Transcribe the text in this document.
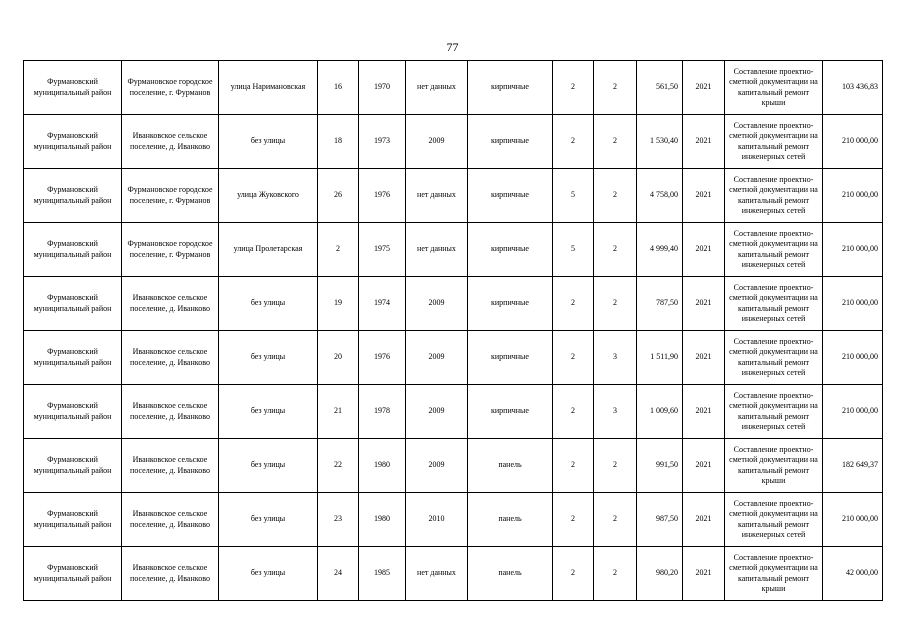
77
Фурмановский муниципальный район	Фурмановское городское поселение, г. Фурманов	улица Наримановская	16	1970	нет данных	кирпичные	2	2	561,50	2021	Составление проектно-сметной документации на капитальный ремонт крыши	103 436,83
Фурмановский муниципальный район	Иванковское сельское поселение, д. Иванково	без улицы	18	1973	2009	кирпичные	2	2	1 530,40	2021	Составление проектно-сметной документации на капитальный ремонт инженерных сетей	210 000,00
Фурмановский муниципальный район	Фурмановское городское поселение, г. Фурманов	улица Жуковского	26	1976	нет данных	кирпичные	5	2	4 758,00	2021	Составление проектно-сметной документации на капитальный ремонт инженерных сетей	210 000,00
Фурмановский муниципальный район	Фурмановское городское поселение, г. Фурманов	улица Пролетарская	2	1975	нет данных	кирпичные	5	2	4 999,40	2021	Составление проектно-сметной документации на капитальный ремонт инженерных сетей	210 000,00
Фурмановский муниципальный район	Иванковское сельское поселение, д. Иванково	без улицы	19	1974	2009	кирпичные	2	2	787,50	2021	Составление проектно-сметной документации на капитальный ремонт инженерных сетей	210 000,00
Фурмановский муниципальный район	Иванковское сельское поселение, д. Иванково	без улицы	20	1976	2009	кирпичные	2	3	1 511,90	2021	Составление проектно-сметной документации на капитальный ремонт инженерных сетей	210 000,00
Фурмановский муниципальный район	Иванковское сельское поселение, д. Иванково	без улицы	21	1978	2009	кирпичные	2	3	1 009,60	2021	Составление проектно-сметной документации на капитальный ремонт инженерных сетей	210 000,00
Фурмановский муниципальный район	Иванковское сельское поселение, д. Иванково	без улицы	22	1980	2009	панель	2	2	991,50	2021	Составление проектно-сметной документации на капитальный ремонт крыши	182 649,37
Фурмановский муниципальный район	Иванковское сельское поселение, д. Иванково	без улицы	23	1980	2010	панель	2	2	987,50	2021	Составление проектно-сметной документации на капитальный ремонт инженерных сетей	210 000,00
Фурмановский муниципальный район	Иванковское сельское поселение, д. Иванково	без улицы	24	1985	нет данных	панель	2	2	980,20	2021	Составление проектно-сметной документации на капитальный ремонт крыши	42 000,00
